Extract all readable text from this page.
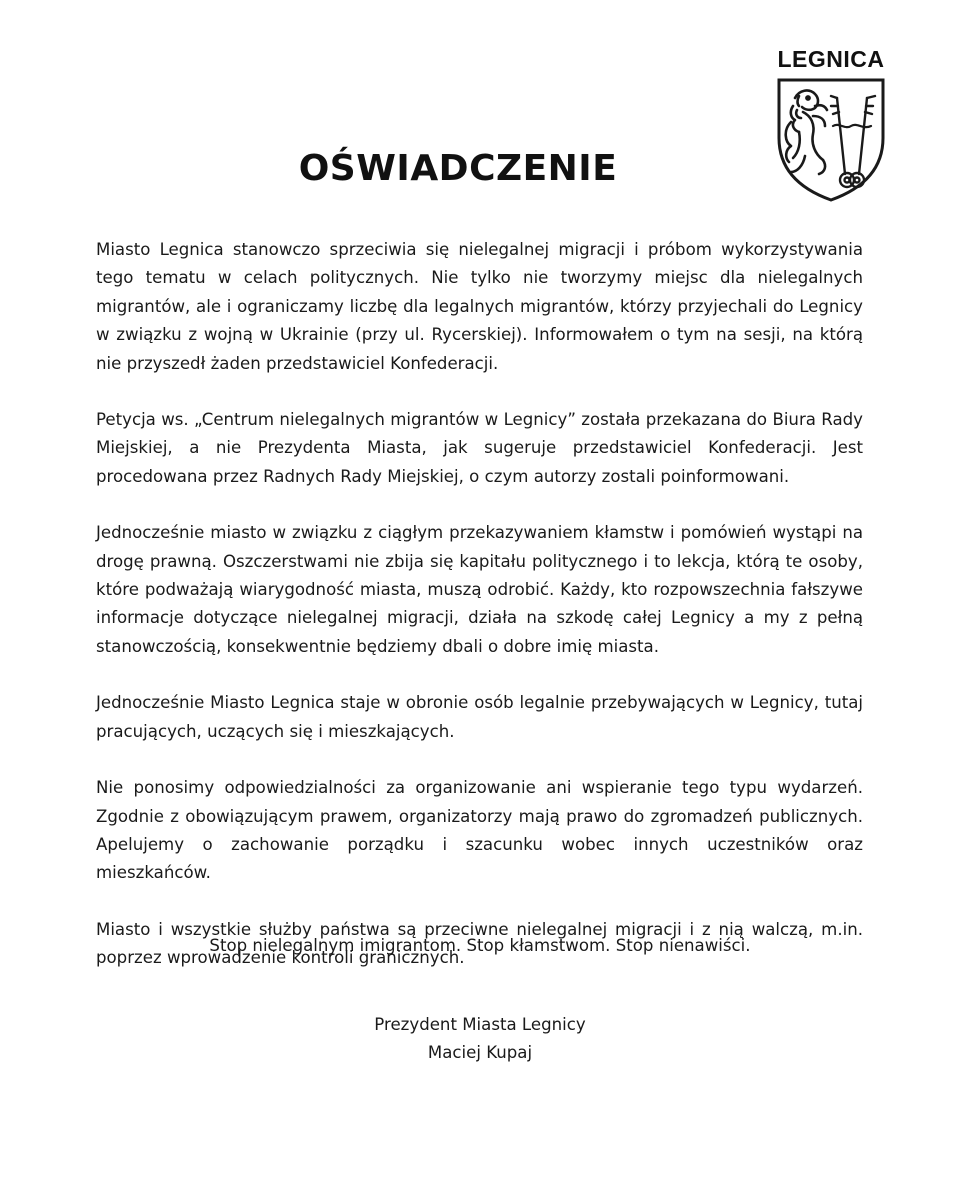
LEGNICA
OŚWIADCZENIE

Miasto Legnica stanowczo sprzeciwia się nielegalnej migracji i próbom wykorzystywania tego tematu w celach politycznych. Nie tylko nie tworzymy miejsc dla nielegalnych migrantów, ale i ograniczamy liczbę dla legalnych migrantów, którzy przyjechali do Legnicy w związku z wojną w Ukrainie (przy ul. Rycerskiej). Informowałem o tym na sesji, na którą nie przyszedł żaden przedstawiciel Konfederacji.

Petycja ws. „Centrum nielegalnych migrantów w Legnicy” została przekazana do Biura Rady Miejskiej, a nie Prezydenta Miasta, jak sugeruje przedstawiciel Konfederacji. Jest procedowana przez Radnych Rady Miejskiej, o czym autorzy zostali poinformowani.

Jednocześnie miasto w związku z ciągłym przekazywaniem kłamstw i pomówień wystąpi na drogę prawną. Oszczerstwami nie zbija się kapitału politycznego i to lekcja, którą te osoby, które podważają wiarygodność miasta, muszą odrobić. Każdy, kto rozpowszechnia fałszywe informacje dotyczące nielegalnej migracji, działa na szkodę całej Legnicy a my z pełną stanowczością, konsekwentnie będziemy dbali o dobre imię miasta.

Jednocześnie Miasto Legnica staje w obronie osób legalnie przebywających w Legnicy, tutaj pracujących, uczących się i mieszkających.

Nie ponosimy odpowiedzialności za organizowanie ani wspieranie tego typu wydarzeń. Zgodnie z obowiązującym prawem, organizatorzy mają prawo do zgromadzeń publicznych. Apelujemy o zachowanie porządku i szacunku wobec innych uczestników oraz mieszkańców.

Miasto i wszystkie służby państwa są przeciwne nielegalnej migracji i z nią walczą, m.in. poprzez wprowadzenie kontroli granicznych.

Stop nielegalnym imigrantom. Stop kłamstwom. Stop nienawiści.

Prezydent Miasta Legnicy
Maciej Kupaj
